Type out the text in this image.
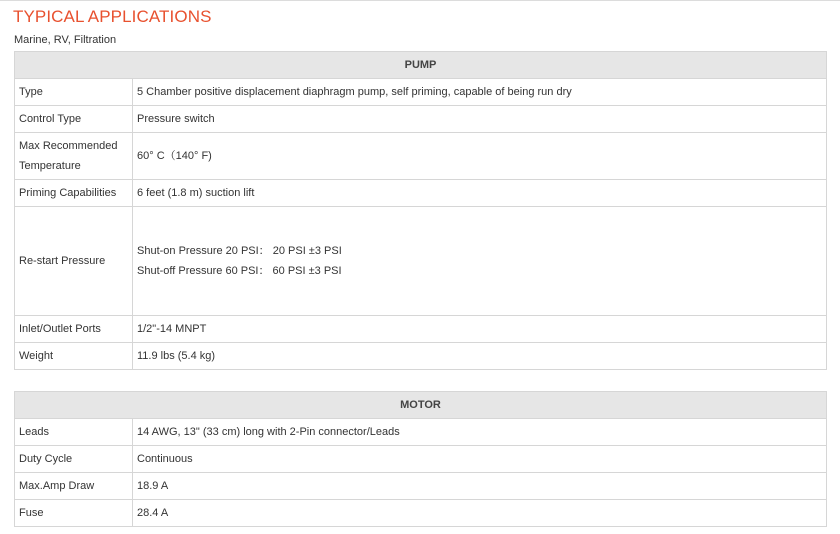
TYPICAL APPLICATIONS
Marine, RV, Filtration
PUMP	
Type	5 Chamber positive displacement diaphragm pump, self priming, capable of being run dry
Control Type	Pressure switch
Max Recommended Temperature	60° C（140° F)
Priming Capabilities	6 feet (1.8 m) suction lift
Re-start Pressure	Shut-on Pressure 20 PSI： 20 PSI ±3 PSI
Shut-off Pressure 60 PSI： 60 PSI ±3 PSI

Inlet/Outlet Ports	1/2"-14 MNPT
Weight	11.9 lbs (5.4 kg)
MOTOR	
Leads	14 AWG, 13" (33 cm) long with 2-Pin connector/Leads
Duty Cycle	Continuous
Max.Amp Draw	18.9 A
Fuse	28.4 A
